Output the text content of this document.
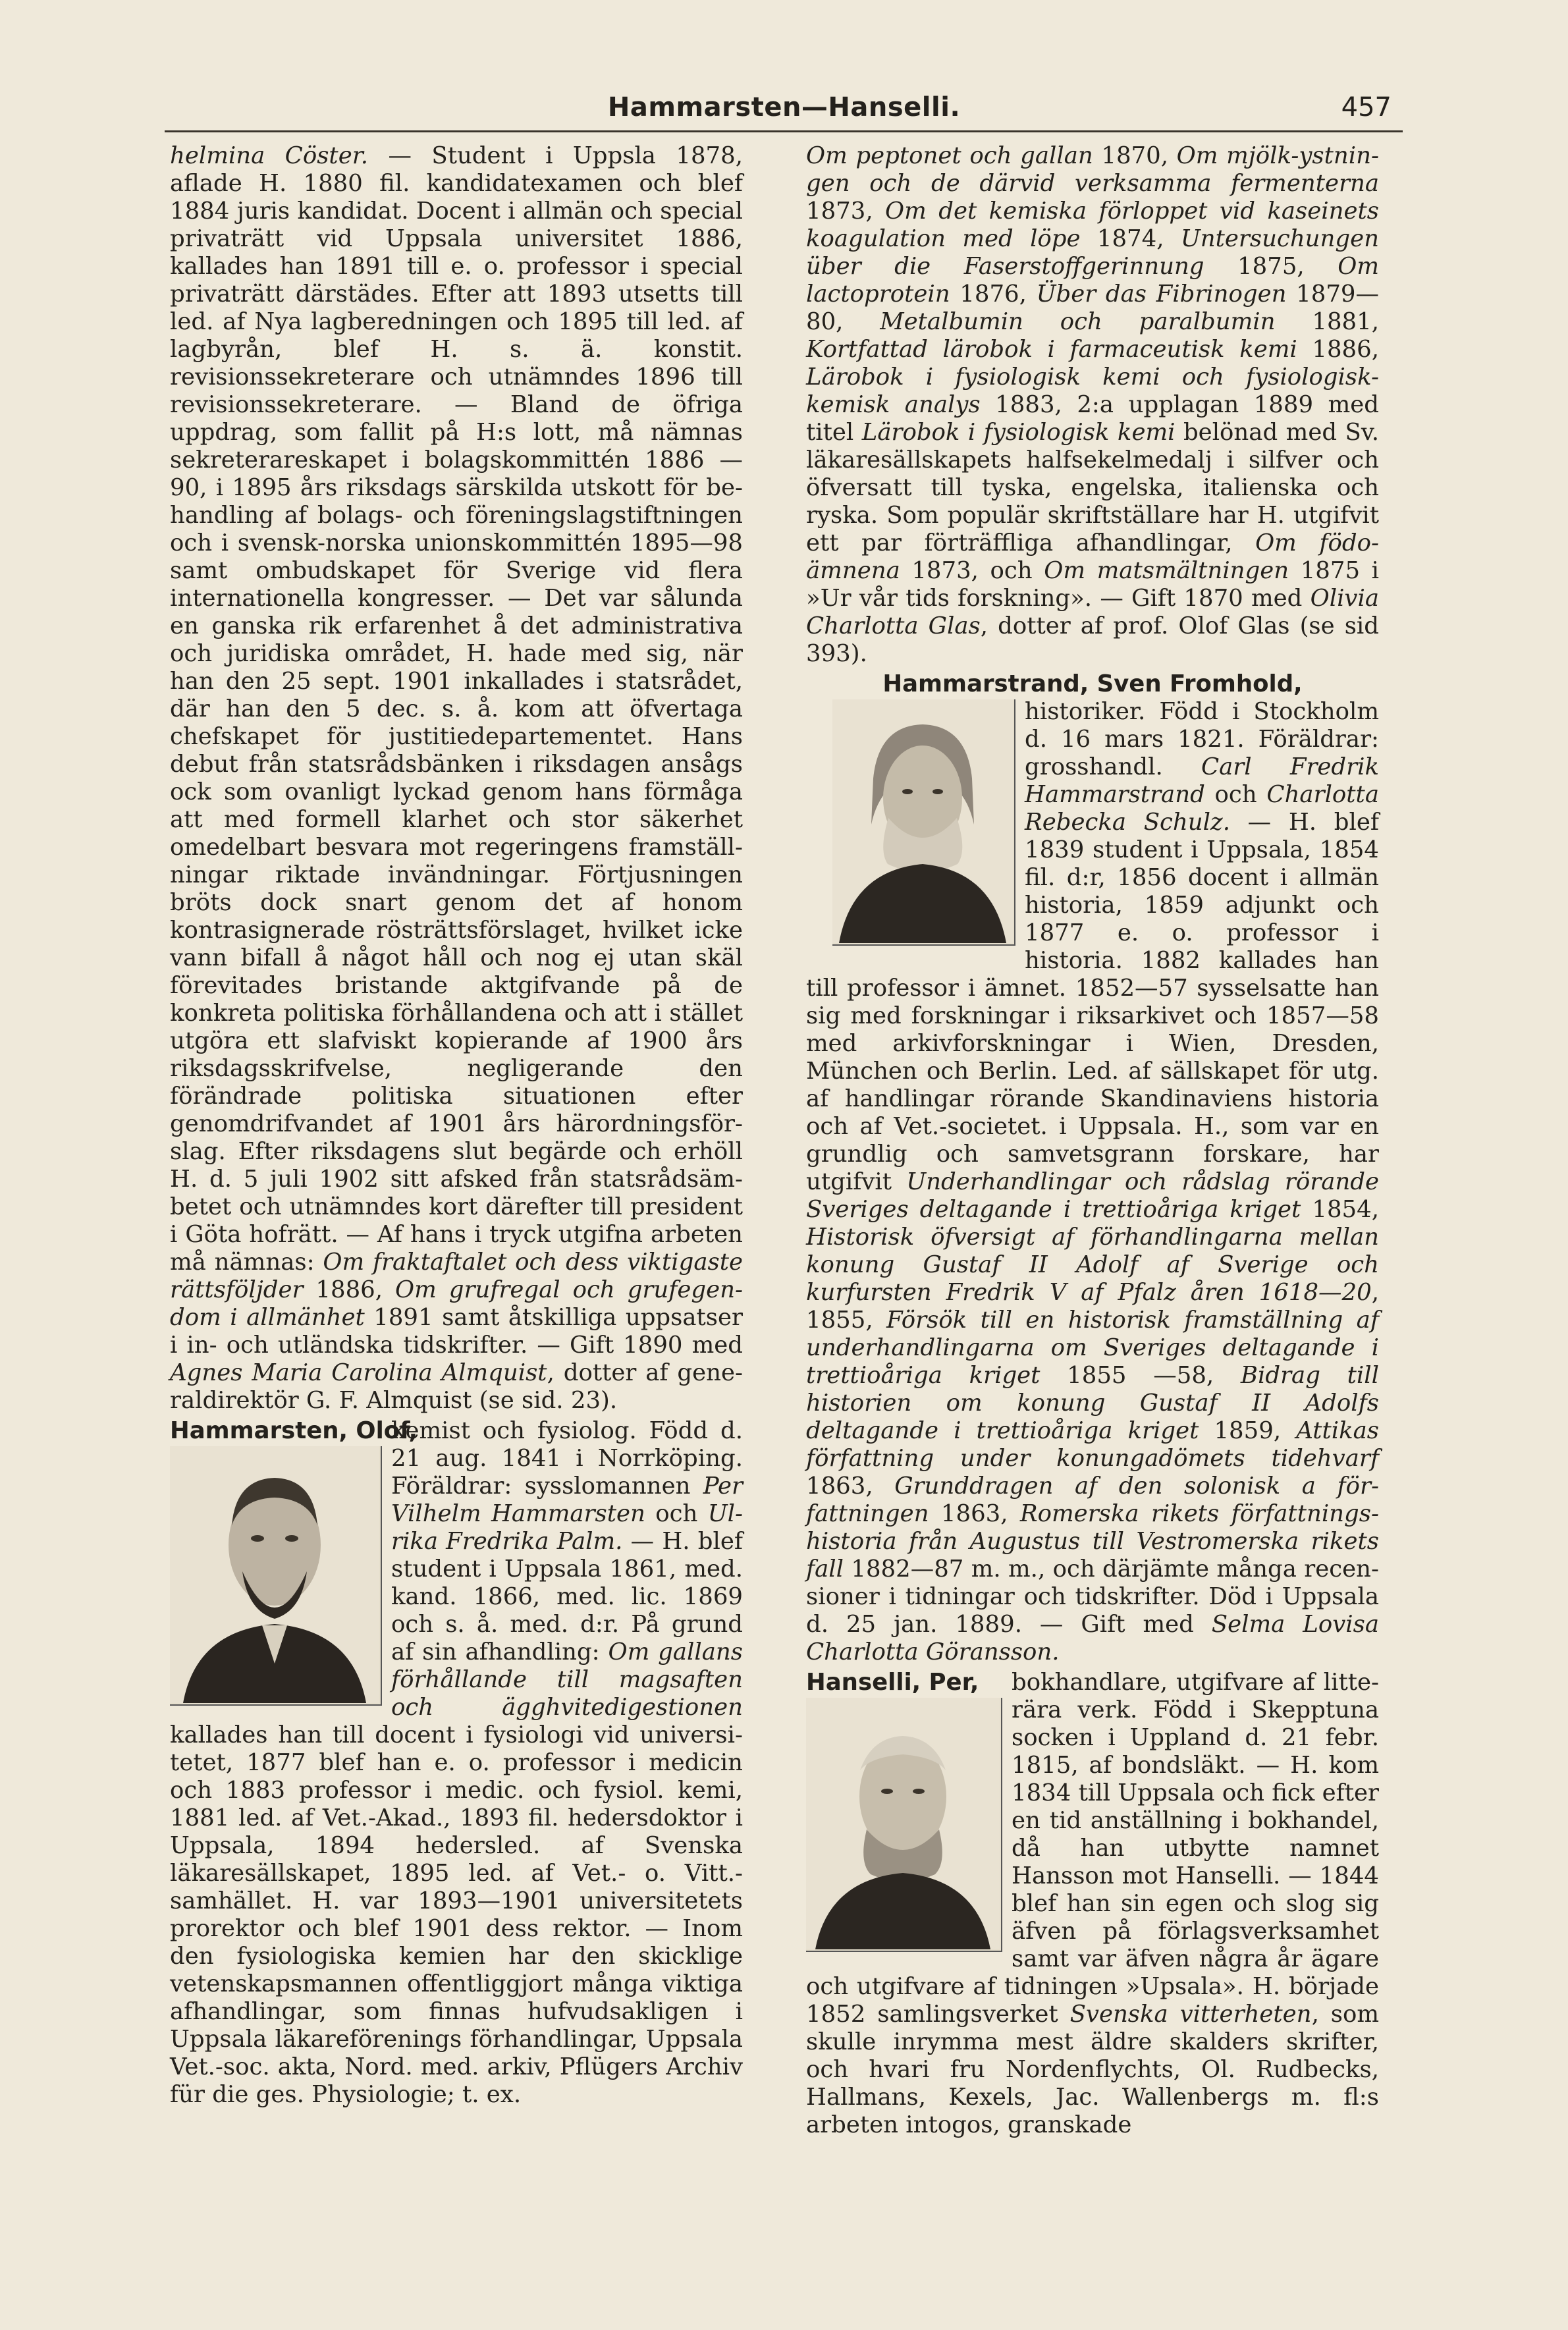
Hammarsten—Hanselli.	457

helmina Cöster. — Student i Uppsla 1878, aflade H. 1880 fil. kandidatexamen och blef 1884 juris kandidat. Docent i allmän och special privaträtt vid Uppsala universitet 1886, kallades han 1891 till e. o. professor i special privaträtt därstädes. Efter att 1893 utsetts till led. af Nya lagberedningen och 1895 till led. af lagbyrån, blef H. s. ä. konstit. revisionssekreterare och utnämndes 1896 till revisionssekreterare. — Bland de öfriga uppdrag, som fallit på H:s lott, må nämnas sekreterareskapet i bolagskommittén 1886 —90, i 1895 års riksdags särskilda utskott för behandling af bolags- och föreningslagstiftningen och i svensk-norska unionskommittén 1895—98 samt ombudskapet för Sverige vid flera internationella kongresser. — Det var sålunda en ganska rik erfarenhet å det administrativa och juridiska området, H. hade med sig, när han den 25 sept. 1901 inkallades i statsrådet, där han den 5 dec. s. å. kom att öfvertaga chefskapet för justitiedepartementet. Hans debut från statsrådsbänken i riksdagen ansågs ock som ovanligt lyckad genom hans förmåga att med formell klarhet och stor säkerhet omedelbart besvara mot regeringens framställningar riktade invändningar. Förtjusningen bröts dock snart genom det af honom kontrasignerade rösträttsförslaget, hvilket icke vann bifall å något håll och nog ej utan skäl förevitades bristande aktgifvande på de konkreta politiska förhållandena och att i stället utgöra ett slafviskt kopierande af 1900 års riksdagsskrifvelse, negligerande den förändrade politiska situationen efter genomdrifvandet af 1901 års härordningsförslag. Efter riksdagens slut begärde och erhöll H. d. 5 juli 1902 sitt afsked från statsrådsämbetet och utnämndes kort därefter till president i Göta hofrätt. — Af hans i tryck utgifna arbeten må nämnas: Om fraktaftalet och dess viktigaste rättsföljder 1886, Om grufregal och grufegendom i allmänhet 1891 samt åtskilliga uppsatser i in- och utländska tidskrifter. — Gift 1890 med Agnes Maria Carolina Almquist, dotter af generaldirektör G. F. Almquist (se sid. 23).

Hammarsten, Olof,

kemist och fysiolog. Född d. 21 aug. 1841 i Norrköping. Föräldrar: sysslomannen Per Vilhelm Hammarsten och Ulrika Fredrika Palm. — H. blef student i Uppsala 1861, med. kand. 1866, med. lic. 1869 och s. å. med. d:r. På grund af sin afhandling: Om gallans förhållande till magsaften och ägghvitedigestionen kallades han till docent i fysiologi vid universitetet, 1877 blef han e. o. professor i medicin och 1883 professor i medic. och fysiol. kemi, 1881 led. af Vet.-Akad., 1893 fil. hedersdoktor i Uppsala, 1894 hedersled. af Svenska läkaresällskapet, 1895 led. af Vet.- o. Vitt.-samhället. H. var 1893—1901 universitetets prorektor och blef 1901 dess rektor. — Inom den fysiologiska kemien har den skicklige vetenskapsmannen offentliggjort många viktiga afhandlingar, som finnas hufvudsakligen i Uppsala läkareförenings förhandlingar, Uppsala Vet.-soc. akta, Nord. med. arkiv, Pflügers Archiv für die ges. Physiologie; t. ex.

Om peptonet och gallan 1870, Om mjölk-ystningen och de därvid verksamma fermenterna 1873, Om det kemiska förloppet vid kaseinets koagulation med löpe 1874, Untersuchungen über die Faserstoffgerinnung 1875, Om lactoprotein 1876, Über das Fibrinogen 1879—80, Metalbumin och paralbumin 1881, Kortfattad lärobok i farmaceutisk kemi 1886, Lärobok i fysiologisk kemi och fysiologisk-kemisk analys 1883, 2:a upplagan 1889 med titel Lärobok i fysiologisk kemi belönad med Sv. läkaresällskapets halfsekelmedalj i silfver och öfversatt till tyska, engelska, italienska och ryska. Som populär skriftställare har H. utgifvit ett par förträffliga afhandlingar, Om födoämnena 1873, och Om matsmältningen 1875 i »Ur vår tids forskning». — Gift 1870 med Olivia Charlotta Glas, dotter af prof. Olof Glas (se sid 393).

Hammarstrand, Sven Fromhold,

historiker. Född i Stockholm d. 16 mars 1821. Föräldrar: grosshandl. Carl Fredrik Hammarstrand och Charlotta Rebecka Schulz. — H. blef 1839 student i Uppsala, 1854 fil. d:r, 1856 docent i allmän historia, 1859 adjunkt och 1877 e. o. professor i historia. 1882 kallades han till professor i ämnet. 1852—57 sysselsatte han sig med forskningar i riksarkivet och 1857—58 med arkivforskningar i Wien, Dresden, München och Berlin. Led. af sällskapet för utg. af handlingar rörande Skandinaviens historia och af Vet.-societet. i Uppsala. H., som var en grundlig och samvetsgrann forskare, har utgifvit Underhandlingar och rådslag rörande Sveriges deltagande i trettioåriga kriget 1854, Historisk öfversigt af förhandlingarna mellan konung Gustaf II Adolf af Sverige och kurfursten Fredrik V af Pfalz åren 1618—20, 1855, Försök till en historisk framställning af underhandlingarna om Sveriges deltagande i trettioåriga kriget 1855 —58, Bidrag till historien om konung Gustaf II Adolfs deltagande i trettioåriga kriget 1859, Attikas författning under konungadömets tidehvarf 1863, Grunddragen af den solonisk a författningen 1863, Romerska rikets författningshistoria från Augustus till Vestromerska rikets fall 1882—87 m. m., och därjämte många recensioner i tidningar och tidskrifter. Död i Uppsala d. 25 jan. 1889. — Gift med Selma Lovisa Charlotta Göransson.

Hanselli, Per,	bokhandlare, utgifvare af litterära verk. Född i Skepptuna socken i Uppland d. 21 febr. 1815, af bondsläkt. — H. kom 1834 till Uppsala och fick efter en tid anställning i bokhandel, då han utbytte namnet Hansson mot Hanselli. — 1844 blef han sin egen och slog sig äfven på förlagsverksamhet samt var äfven några år ägare och utgifvare af tidningen »Upsala». H. började 1852 samlingsverket Svenska vitterheten, som skulle inrymma mest äldre skalders skrifter, och hvari fru Nordenflychts, Ol. Rudbecks, Hallmans, Kexels, Jac. Wallenbergs m. fl:s arbeten intogos, granskade
